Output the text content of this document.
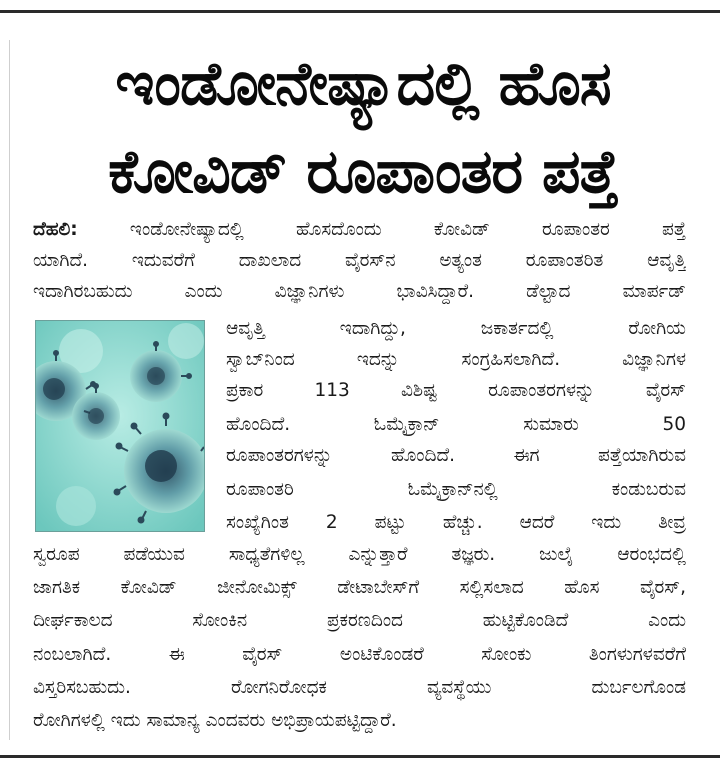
ಇಂಡೋನೇಷ್ಯಾದಲ್ಲಿ ಹೊಸ
ಕೋವಿಡ್ ರೂಪಾಂತರ ಪತ್ತೆ
ದೆಹಲಿ:	ಇಂಡೋನೇಷ್ಯಾದಲ್ಲಿ ಹೊಸದೊಂದು ಕೋವಿಡ್ ರೂಪಾಂತರ ಪತ್ತೆ
ಯಾಗಿದೆ. ಇದುವರೆಗೆ ದಾಖಲಾದ ವೈರಸ್‌ನ ಅತ್ಯಂತ ರೂಪಾಂತರಿತ ಆವೃತ್ತಿ
ಇದಾಗಿರಬಹುದು ಎಂದು ವಿಜ್ಞಾನಿಗಳು ಭಾವಿಸಿದ್ದಾರೆ. ಡೆಲ್ಟಾದ ಮಾರ್ಪಡ್
ಆವೃತ್ತಿ ಇದಾಗಿದ್ದು, ಜಕಾರ್ತದಲ್ಲಿ ರೋಗಿಯ
ಸ್ವಾಬ್‌ನಿಂದ ಇದನ್ನು ಸಂಗ್ರಹಿಸಲಾಗಿದೆ. ವಿಜ್ಞಾನಿಗಳ
ಪ್ರಕಾರ 113 ವಿಶಿಷ್ಟ ರೂಪಾಂತರಗಳನ್ನು ವೈರಸ್
ಹೊಂದಿದೆ. ಓಮೈಕ್ರಾನ್ ಸುಮಾರು 50
ರೂಪಾಂತರಗಳನ್ನು ಹೊಂದಿದೆ. ಈಗ ಪತ್ತೆಯಾಗಿರುವ
ರೂಪಾಂತರಿ ಓಮೈಕ್ರಾನ್‌ನಲ್ಲಿ ಕಂಡುಬರುವ
ಸಂಖ್ಯೆಗಿಂತ 2 ಪಟ್ಟು ಹೆಚ್ಚು. ಆದರೆ ಇದು ತೀವ್ರ
ಸ್ವರೂಪ ಪಡೆಯುವ ಸಾಧ್ಯತೆಗಳಿಲ್ಲ ಎನ್ನುತ್ತಾರೆ ತಜ್ಞರು. ಜುಲೈ ಆರಂಭದಲ್ಲಿ
ಜಾಗತಿಕ ಕೋವಿಡ್ ಜೀನೋಮಿಕ್ಸ್ ಡೇಟಾಬೇಸ್‌ಗೆ ಸಲ್ಲಿಸಲಾದ ಹೊಸ ವೈರಸ್,
ದೀರ್ಘಕಾಲದ ಸೋಂಕಿನ ಪ್ರಕರಣದಿಂದ ಹುಟ್ಟಿಕೊಂಡಿದೆ ಎಂದು
ನಂಬಲಾಗಿದೆ. ಈ ವೈರಸ್ ಅಂಟಿಕೊಂಡರೆ ಸೋಂಕು ತಿಂಗಳುಗಳವರೆಗೆ
ವಿಸ್ತರಿಸಬಹುದು. ರೋಗನಿರೋಧಕ ವ್ಯವಸ್ಥೆಯು ದುರ್ಬಲಗೊಂಡ
ರೋಗಿಗಳಲ್ಲಿ ಇದು ಸಾಮಾನ್ಯ ಎಂದವರು ಅಭಿಪ್ರಾಯಪಟ್ಟಿದ್ದಾರೆ.
